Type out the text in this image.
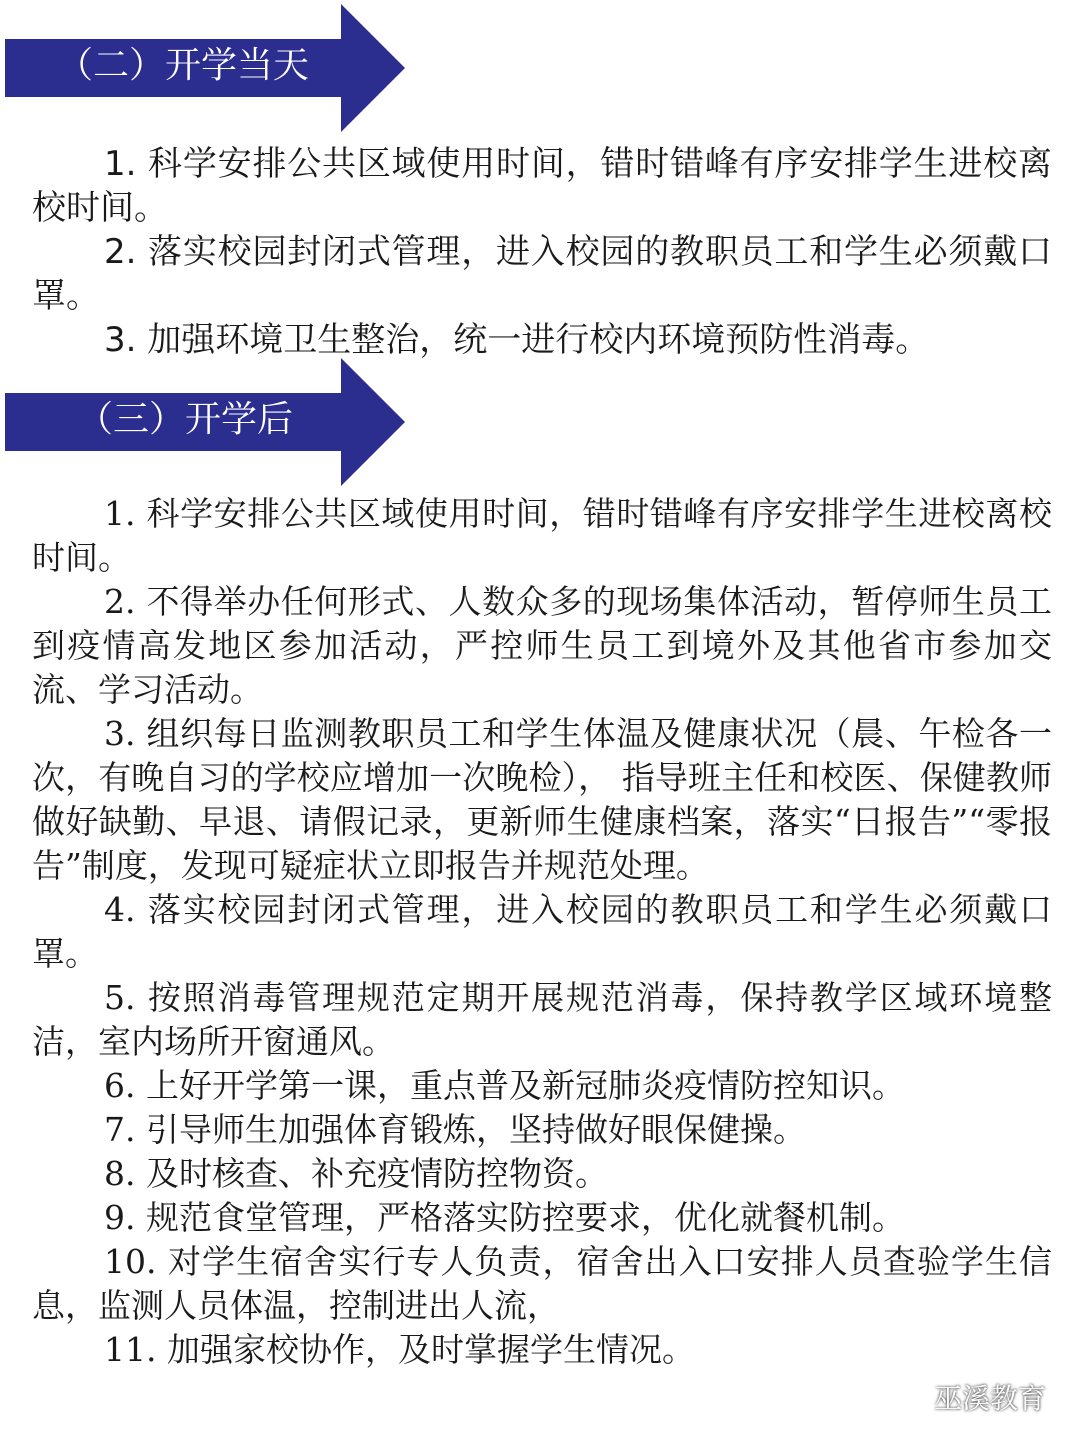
（二）开学当天

1. 科学安排公共区域使用时间，错时错峰有序安排学生进校离校时间。

2. 落实校园封闭式管理，进入校园的教职员工和学生必须戴口罩。

3. 加强环境卫生整治，统一进行校内环境预防性消毒。

（三）开学后

1. 科学安排公共区域使用时间，错时错峰有序安排学生进校离校时间。

2. 不得举办任何形式、人数众多的现场集体活动，暂停师生员工到疫情高发地区参加活动，严控师生员工到境外及其他省市参加交流、学习活动。

3. 组织每日监测教职员工和学生体温及健康状况（晨、午检各一次，有晚自习的学校应增加一次晚检）， 指导班主任和校医、保健教师做好缺勤、早退、请假记录，更新师生健康档案，落实“日报告”“零报告”制度，发现可疑症状立即报告并规范处理。

4. 落实校园封闭式管理，进入校园的教职员工和学生必须戴口罩。

5. 按照消毒管理规范定期开展规范消毒，保持教学区域环境整洁，室内场所开窗通风。

6. 上好开学第一课，重点普及新冠肺炎疫情防控知识。

7. 引导师生加强体育锻炼，坚持做好眼保健操。

8. 及时核查、补充疫情防控物资。

9. 规范食堂管理，严格落实防控要求，优化就餐机制。

10. 对学生宿舍实行专人负责，宿舍出入口安排人员查验学生信息，监测人员体温，控制进出人流，

11. 加强家校协作，及时掌握学生情况。

巫溪教育
